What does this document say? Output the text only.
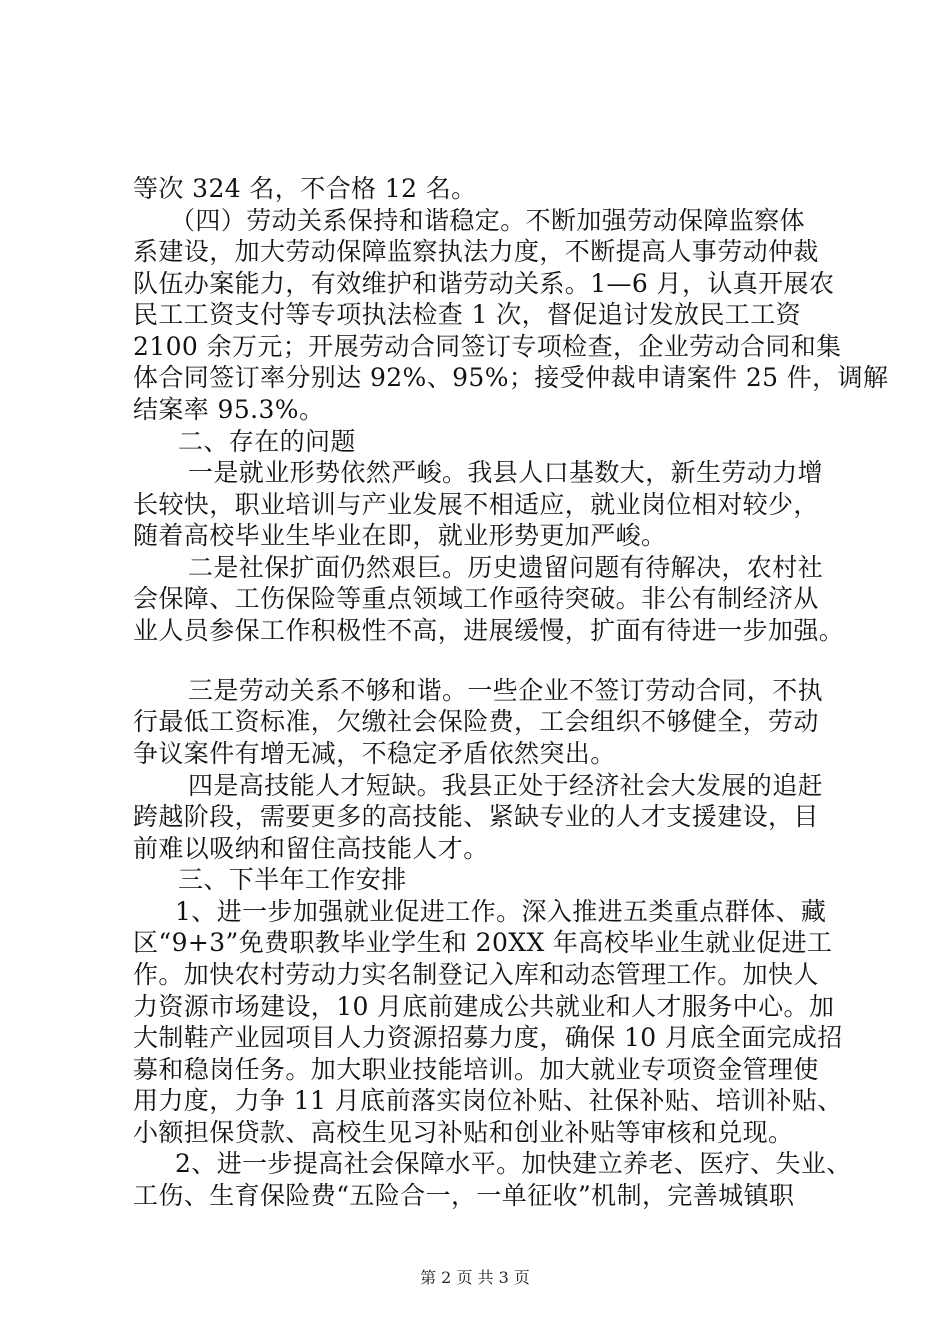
等次 324 名，不合格 12 名。
（四）劳动关系保持和谐稳定。不断加强劳动保障监察体
系建设，加大劳动保障监察执法力度，不断提高人事劳动仲裁
队伍办案能力，有效维护和谐劳动关系。1—6 月，认真开展农
民工工资支付等专项执法检查 1 次，督促追讨发放民工工资
2100 余万元；开展劳动合同签订专项检查，企业劳动合同和集
体合同签订率分别达 92%、95%；接受仲裁申请案件 25 件，调解
结案率 95.3%。
二、存在的问题
一是就业形势依然严峻。我县人口基数大，新生劳动力增
长较快，职业培训与产业发展不相适应，就业岗位相对较少，
随着高校毕业生毕业在即，就业形势更加严峻。
二是社保扩面仍然艰巨。历史遗留问题有待解决，农村社
会保障、工伤保险等重点领域工作亟待突破。非公有制经济从
业人员参保工作积极性不高，进展缓慢，扩面有待进一步加强。
三是劳动关系不够和谐。一些企业不签订劳动合同，不执
行最低工资标准，欠缴社会保险费，工会组织不够健全，劳动
争议案件有增无减，不稳定矛盾依然突出。
四是高技能人才短缺。我县正处于经济社会大发展的追赶
跨越阶段，需要更多的高技能、紧缺专业的人才支援建设，目
前难以吸纳和留住高技能人才。
三、下半年工作安排
1、进一步加强就业促进工作。深入推进五类重点群体、藏
区“9+3”免费职教毕业学生和 20XX 年高校毕业生就业促进工
作。加快农村劳动力实名制登记入库和动态管理工作。加快人
力资源市场建设，10 月底前建成公共就业和人才服务中心。加
大制鞋产业园项目人力资源招募力度，确保 10 月底全面完成招
募和稳岗任务。加大职业技能培训。加大就业专项资金管理使
用力度，力争 11 月底前落实岗位补贴、社保补贴、培训补贴、
小额担保贷款、高校生见习补贴和创业补贴等审核和兑现。
2、进一步提高社会保障水平。加快建立养老、医疗、失业、
工伤、生育保险费“五险合一，一单征收”机制，完善城镇职
第 2 页 共 3 页
